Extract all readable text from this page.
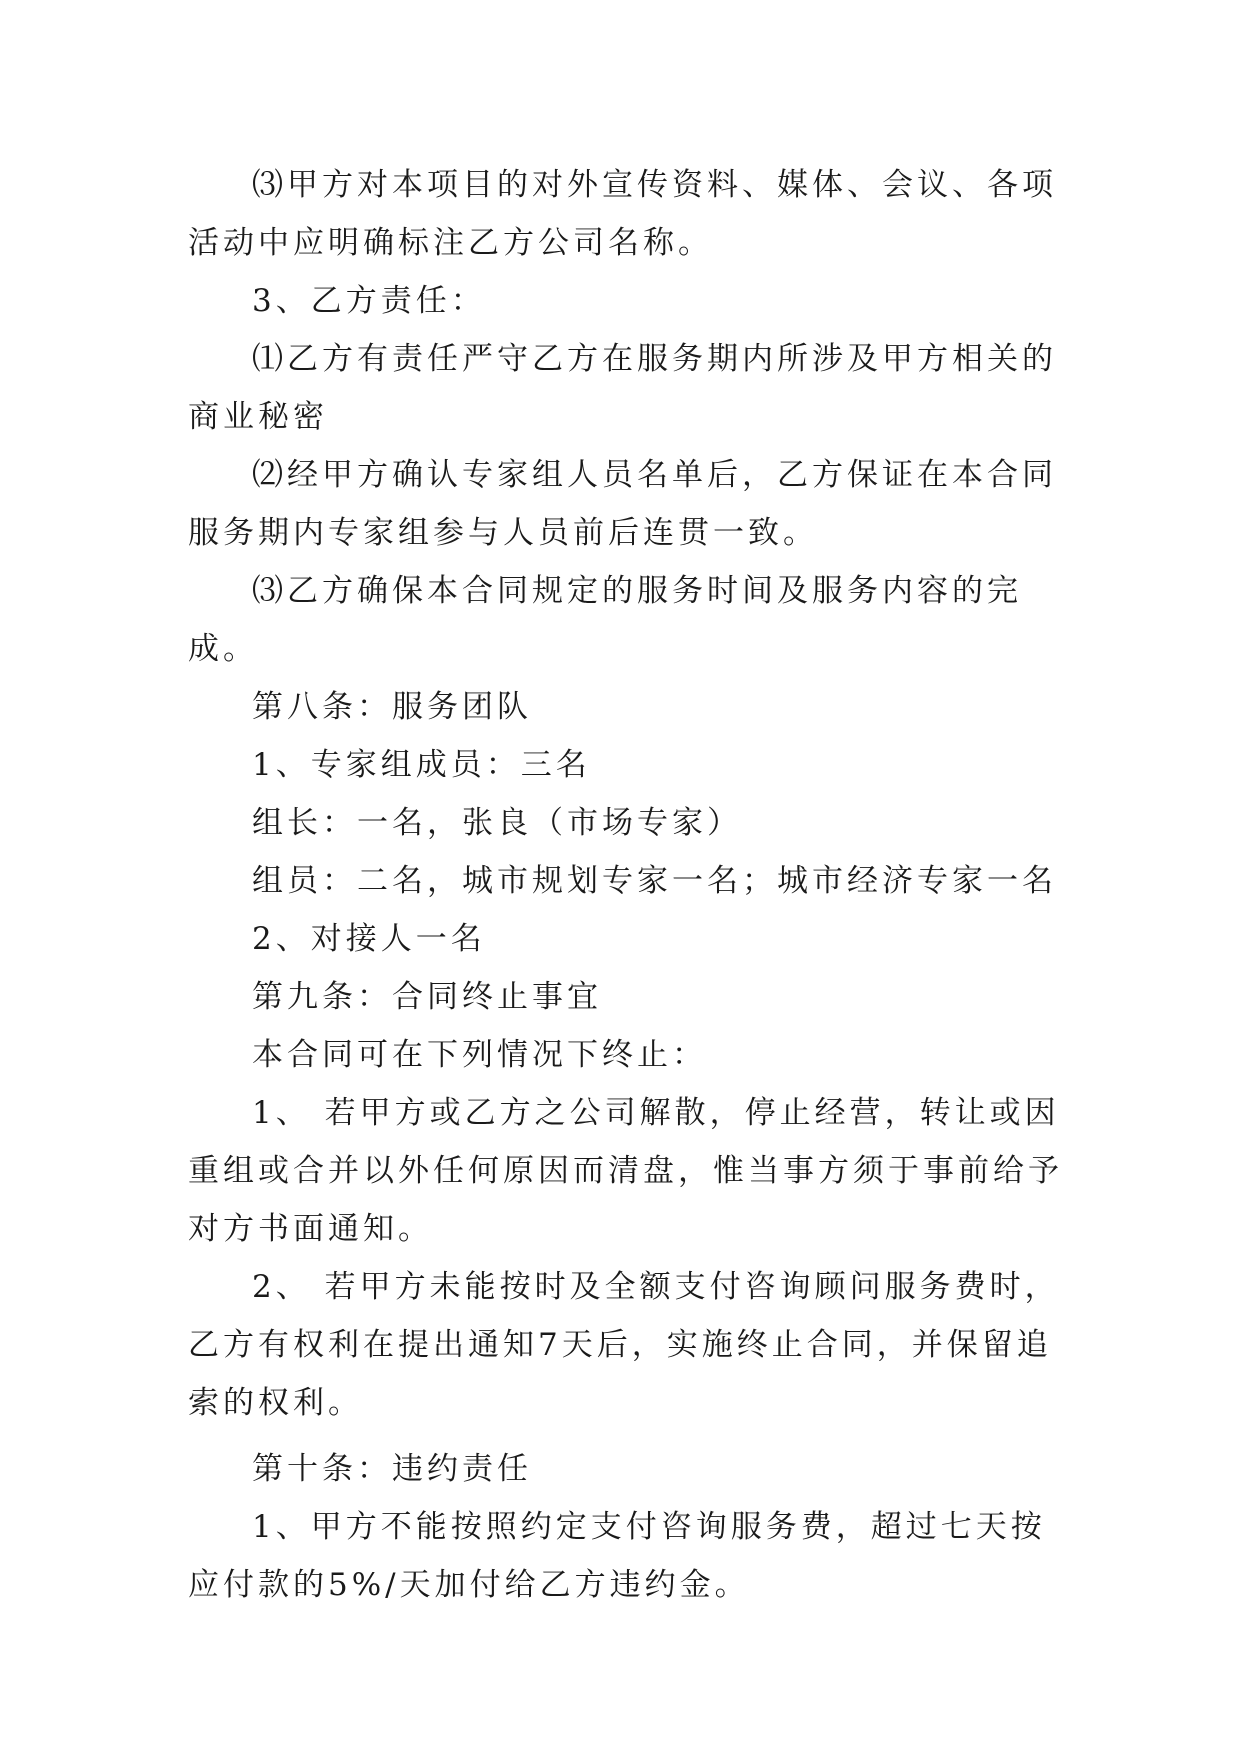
⑶甲方对本项目的对外宣传资料、媒体、会议、各项活动中应明确标注乙方公司名称。

3、乙方责任：

⑴乙方有责任严守乙方在服务期内所涉及甲方相关的商业秘密

⑵经甲方确认专家组人员名单后，乙方保证在本合同服务期内专家组参与人员前后连贯一致。

⑶乙方确保本合同规定的服务时间及服务内容的完成。

第八条：服务团队

1、专家组成员：三名

组长：一名，张良（市场专家）

组员：二名，城市规划专家一名；城市经济专家一名

2、对接人一名

第九条：合同终止事宜

本合同可在下列情况下终止：

1、 若甲方或乙方之公司解散，停止经营，转让或因重组或合并以外任何原因而清盘，惟当事方须于事前给予对方书面通知。

2、 若甲方未能按时及全额支付咨询顾问服务费时，乙方有权利在提出通知7天后，实施终止合同，并保留追索的权利。

第十条：违约责任

1、甲方不能按照约定支付咨询服务费，超过七天按应付款的5%/天加付给乙方违约金。
